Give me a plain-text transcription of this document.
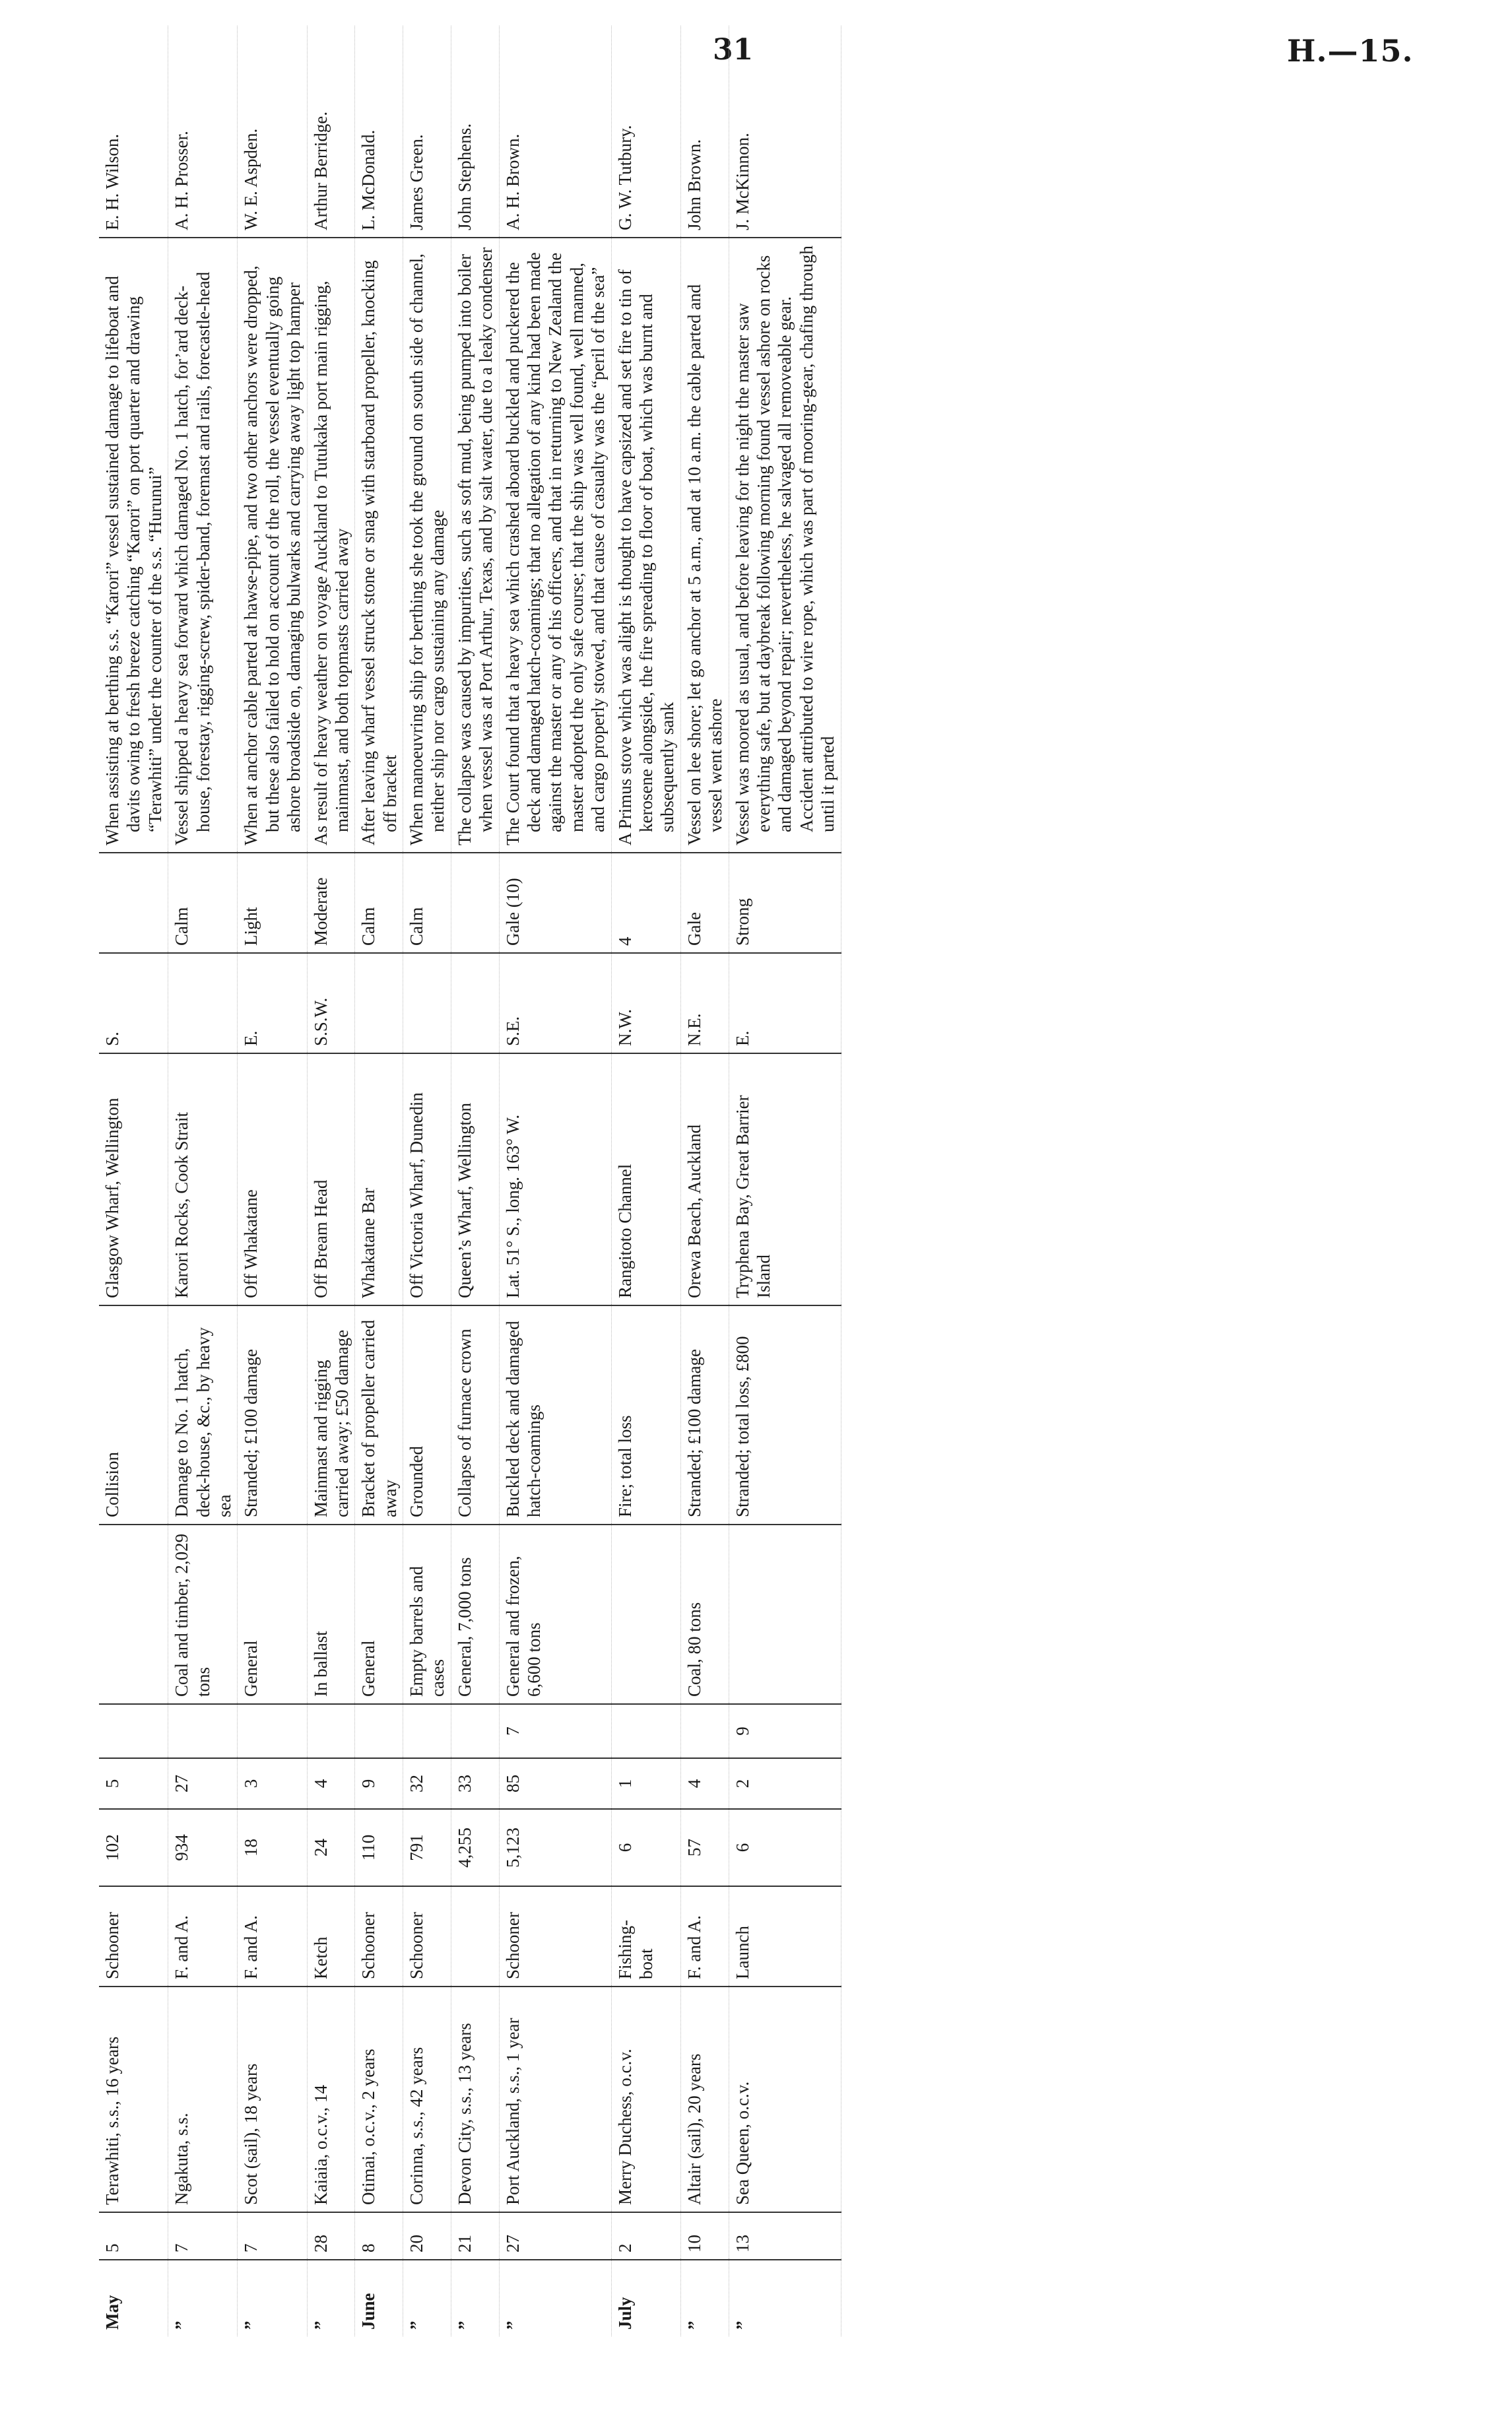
31	H.—15.
May	5	Terawhiti, s.s., 16 years	Schooner	102	5			Collision	Glasgow Wharf, Wellington	S.		When assisting at berthing s.s. “Karori” vessel sustained damage to lifeboat and davits owing to fresh breeze catching “Karori” on port quarter and drawing “Terawhiti” under the counter of the s.s. “Hurunui”	E. H. Wilson.
”	7	Ngakuta, s.s.	F. and A.	934	27		Coal and timber, 2,029 tons	Damage to No. 1 hatch, deck-house, &c., by heavy sea	Karori Rocks, Cook Strait		Calm	Vessel shipped a heavy sea forward which damaged No. 1 hatch, for’ard deck-house, forestay, rigging-screw, spider-band, foremast and rails, forecastle-head	A. H. Prosser.
”	7	Scot (sail), 18 years	F. and A.	18	3		General	Stranded; £100 damage	Off Whakatane	E.	Light	When at anchor cable parted at hawse-pipe, and two other anchors were dropped, but these also failed to hold on account of the roll, the vessel eventually going ashore broadside on, damaging bulwarks and carrying away light top hamper	W. E. Aspden.
”	28	Kaiaia, o.c.v., 14	Ketch	24	4		In ballast	Mainmast and rigging carried away; £50 damage	Off Bream Head	S.S.W.	Moderate	As result of heavy weather on voyage Auckland to Tutukaka port main rigging, mainmast, and both topmasts carried away	Arthur Berridge.
June	8	Otimai, o.c.v., 2 years	Schooner	110	9		General	Bracket of propeller carried away	Whakatane Bar		Calm	After leaving wharf vessel struck stone or snag with starboard propeller, knocking off bracket	L. McDonald.
”	20	Corinna, s.s., 42 years	Schooner	791	32		Empty barrels and cases	Grounded	Off Victoria Wharf, Dunedin		Calm	When manoeuvring ship for berthing she took the ground on south side of channel, neither ship nor cargo sustaining any damage	James Green.
”	21	Devon City, s.s., 13 years		4,255	33		General, 7,000 tons	Collapse of furnace crown	Queen’s Wharf, Wellington			The collapse was caused by impurities, such as soft mud, being pumped into boiler when vessel was at Port Arthur, Texas, and by salt water, due to a leaky condenser	John Stephens.
”	27	Port Auckland, s.s., 1 year	Schooner	5,123	85	7	General and frozen, 6,600 tons	Buckled deck and damaged hatch-coamings	Lat. 51° S., long. 163° W.	S.E.	Gale (10)	The Court found that a heavy sea which crashed aboard buckled and puckered the deck and damaged hatch-coamings; that no allegation of any kind had been made against the master or any of his officers, and that in returning to New Zealand the master adopted the only safe course; that the ship was well found, well manned, and cargo properly stowed, and that cause of casualty was the “peril of the sea”	A. H. Brown.
July	2	Merry Duchess, o.c.v.	Fishing-boat	6	1			Fire; total loss	Rangitoto Channel	N.W.	4	A Primus stove which was alight is thought to have capsized and set fire to tin of kerosene alongside, the fire spreading to floor of boat, which was burnt and subsequently sank	G. W. Tutbury.
”	10	Altair (sail), 20 years	F. and A.	57	4		Coal, 80 tons	Stranded; £100 damage	Orewa Beach, Auckland	N.E.	Gale	Vessel on lee shore; let go anchor at 5 a.m., and at 10 a.m. the cable parted and vessel went ashore	John Brown.
”	13	Sea Queen, o.c.v.	Launch	6	2	9		Stranded; total loss, £800	Tryphena Bay, Great Barrier Island	E.	Strong	Vessel was moored as usual, and before leaving for the night the master saw everything safe, but at daybreak following morning found vessel ashore on rocks and damaged beyond repair; nevertheless, he salvaged all removeable gear. Accident attributed to wire rope, which was part of mooring-gear, chafing through until it parted	J. McKinnon.
